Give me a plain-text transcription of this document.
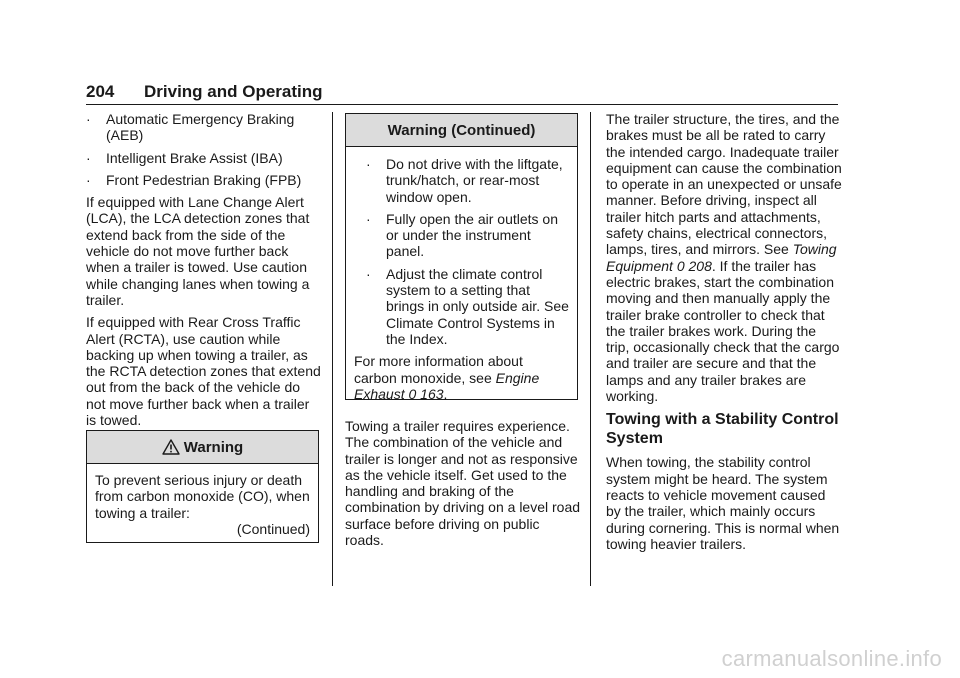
204 Driving and Operating
· Automatic Emergency Braking (AEB)
· Intelligent Brake Assist (IBA)
· Front Pedestrian Braking (FPB)

If equipped with Lane Change Alert (LCA), the LCA detection zones that extend back from the side of the vehicle do not move further back when a trailer is towed. Use caution while changing lanes when towing a trailer.

If equipped with Rear Cross Traffic Alert (RCTA), use caution while backing up when towing a trailer, as the RCTA detection zones that extend out from the back of the vehicle do not move further back when a trailer is towed.

Warning
To prevent serious injury or death from carbon monoxide (CO), when towing a trailer:
(Continued)
Warning (Continued)
· Do not drive with the liftgate, trunk/hatch, or rear-most window open.
· Fully open the air outlets on or under the instrument panel.
· Adjust the climate control system to a setting that brings in only outside air. See Climate Control Systems in the Index.
For more information about carbon monoxide, see Engine Exhaust 0 163.

Towing a trailer requires experience. The combination of the vehicle and trailer is longer and not as responsive as the vehicle itself. Get used to the handling and braking of the combination by driving on a level road surface before driving on public roads.

The trailer structure, the tires, and the brakes must be all be rated to carry the intended cargo. Inadequate trailer equipment can cause the combination to operate in an unexpected or unsafe manner. Before driving, inspect all trailer hitch parts and attachments, safety chains, electrical connectors, lamps, tires, and mirrors. See Towing Equipment 0 208. If the trailer has electric brakes, start the combination moving and then manually apply the trailer brake controller to check that the trailer brakes work. During the trip, occasionally check that the cargo and trailer are secure and that the lamps and any trailer brakes are working.

Towing with a Stability Control System

When towing, the stability control system might be heard. The system reacts to vehicle movement caused by the trailer, which mainly occurs during cornering. This is normal when towing heavier trailers.

carmanualsonline.info
